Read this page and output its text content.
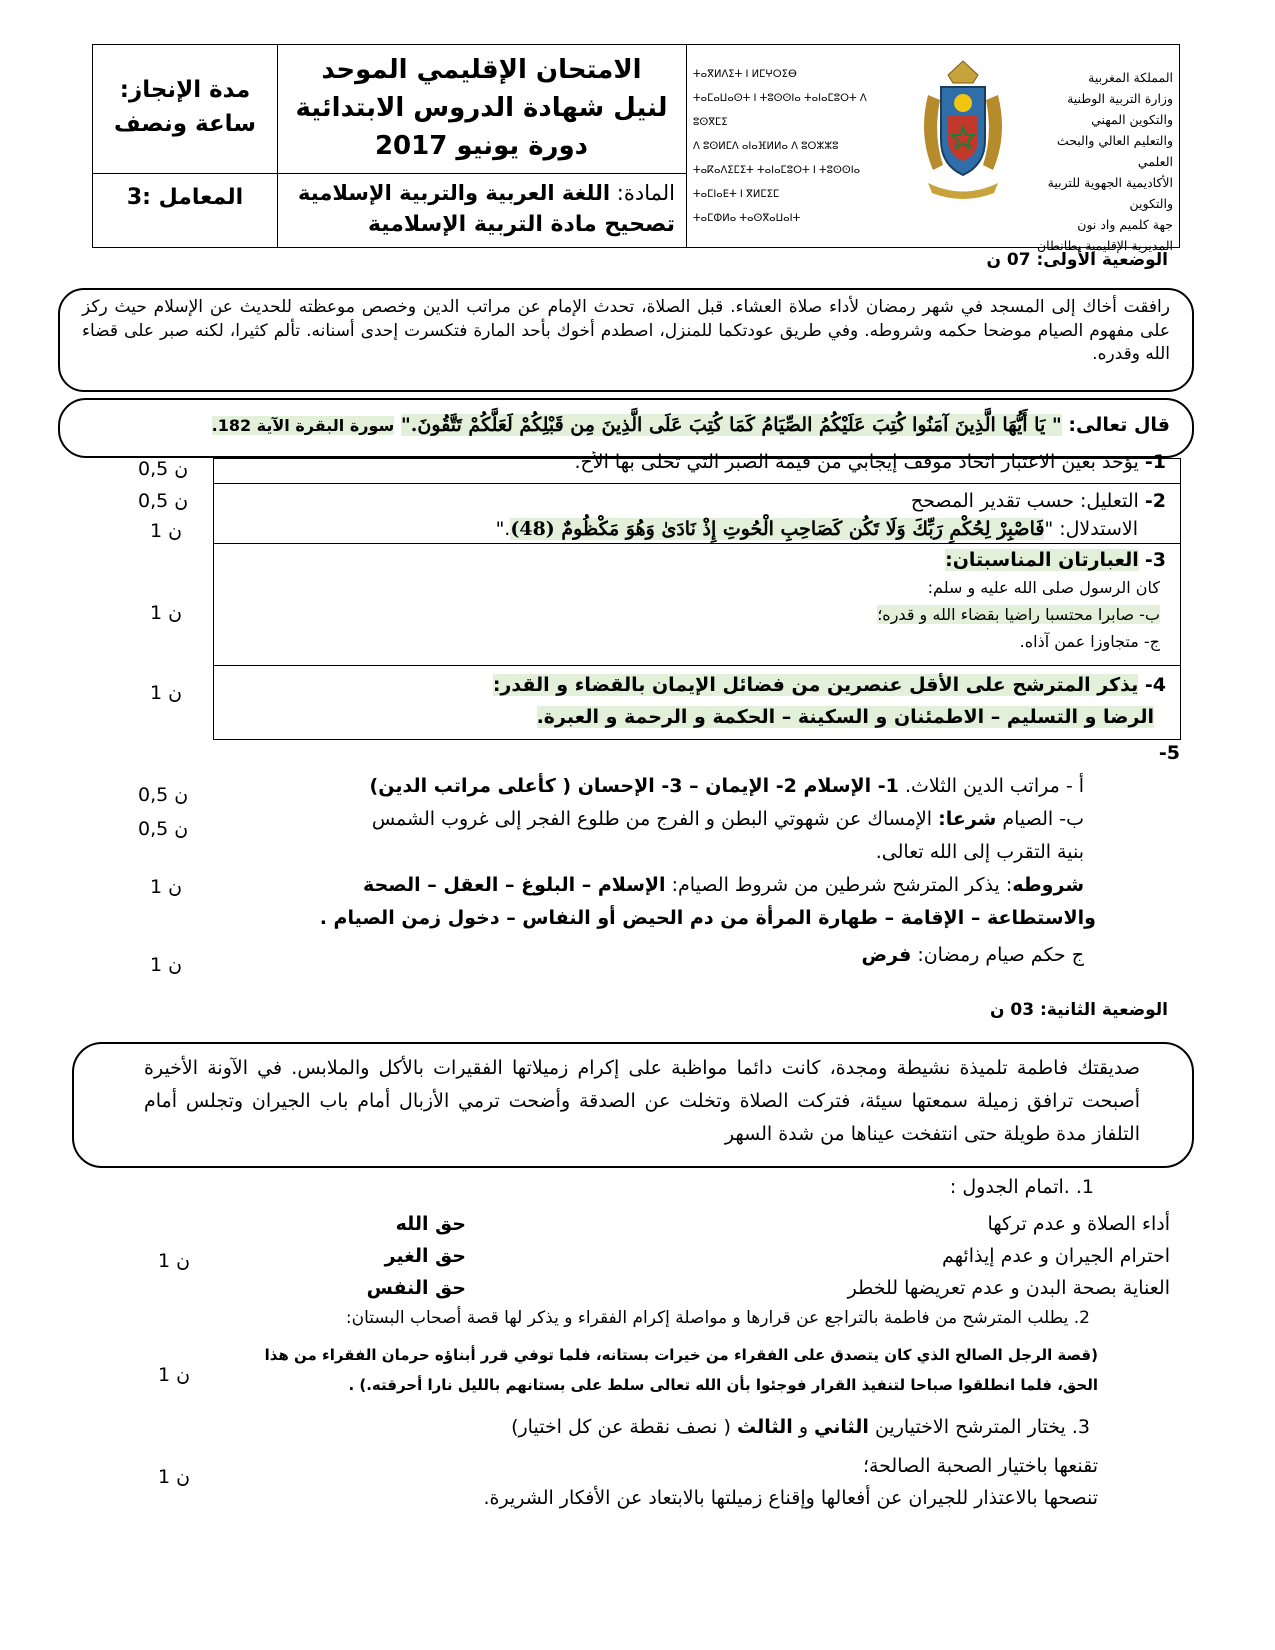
مدة الإنجاز:
ساعة ونصف
المعامل :3
الامتحان الإقليمي الموحد
لنيل شهادة الدروس الابتدائية
دورة يونيو 2017
المادة: اللغة العربية والتربية الإسلامية
تصحيح مادة التربية الإسلامية
ⵜⴰⴳⵍⴷⵉⵜ ⵏ ⵍⵎⵖⵔⵉⴱ
ⵜⴰⵎⴰⵡⴰⵙⵜ ⵏ ⵜⵓⵙⵙⵏⴰ ⵜⴰⵏⴰⵎⵓⵔⵜ ⴷ ⵓⵙⴳⵎⵉ
ⴷ ⵓⵙⵍⵎⴷ ⴰⵏⴰⴼⵍⵍⴰ ⴷ ⵓⵔⵣⵣⵓ
ⵜⴰⴽⴰⴷⵉⵎⵉⵜ ⵜⴰⵏⴰⵎⵓⵔⵜ ⵏ ⵜⵓⵙⵙⵏⴰ
ⵜⴰⵎⵏⴰⴹⵜ ⵏ ⴳⵍⵎⵉⵎ
ⵜⴰⵎⵀⵍⴰ ⵜⴰⵙⴳⴰⵡⴰⵏⵜ
المملكة المغربية
وزارة التربية الوطنية والتكوين المهني
والتعليم العالي والبحث العلمي
الأكاديمية الجهوية للتربية والتكوين
جهة كلميم واد نون
المديرية الإقليمية بطانطان
الوضعية الأولى: 07 ن

رافقت أخاك إلى المسجد في شهر رمضان لأداء صلاة العشاء. قبل الصلاة، تحدث الإمام عن مراتب الدين وخصص موعظته للحديث عن الإسلام حيث ركز على مفهوم الصيام موضحا حكمه وشروطه. وفي طريق عودتكما للمنزل، اصطدم أخوك بأحد المارة فتكسرت إحدى أسنانه. تألم كثيرا، لكنه صبر على قضاء الله وقدره.

قال تعالى: " يَا أَيُّهَا الَّذِينَ آمَنُوا كُتِبَ عَلَيْكُمُ الصِّيَامُ كَمَا كُتِبَ عَلَى الَّذِينَ مِن قَبْلِكُمْ لَعَلَّكُمْ تَتَّقُونَ." سورة البقرة الآية 182.

1- يؤخذ بعين الاعتبار اتخاذ موقف إيجابي من قيمة الصبر التي تحلى بها الأخ.
2- التعليل: حسب تقدير المصحح
الاستدلال: "فَاصْبِرْ لِحُكْمِ رَبِّكَ وَلَا تَكُن كَصَاحِبِ الْحُوتِ إِذْ نَادَىٰ وَهُوَ مَكْظُومٌ (48)."
3- العبارتان المناسبتان:
كان الرسول صلى الله عليه و سلم:
ب- صابرا محتسبا راضيا بقضاء الله و قدره؛
ج- متجاوزا عمن آذاه.
4- يذكر المترشح على الأقل عنصرين من فضائل الإيمان بالقضاء و القدر:
الرضا و التسليم – الاطمئنان و السكينة – الحكمة و الرحمة و العبرة.
5-
أ - مراتب الدين الثلاث. 1- الإسلام 2- الإيمان – 3- الإحسان ( كأعلى مراتب الدين)
ب- الصيام شرعا: الإمساك عن شهوتي البطن و الفرج من طلوع الفجر إلى غروب الشمس
بنية التقرب إلى الله تعالى.
شروطه: يذكر المترشح شرطين من شروط الصيام: الإسلام – البلوغ – العقل – الصحة
والاستطاعة – الإقامة – طهارة المرأة من دم الحيض أو النفاس – دخول زمن الصيام .
ج حكم صيام رمضان: فرض
0,5 ن
0,5 ن
1 ن
1 ن
1 ن
0,5 ن
0,5 ن
1 ن
1 ن
الوضعية الثانية: 03 ن

صديقتك فاطمة تلميذة نشيطة ومجدة، كانت دائما مواظبة على إكرام زميلاتها الفقيرات بالأكل والملابس. في الآونة الأخيرة أصبحت ترافق زميلة سمعتها سيئة، فتركت الصلاة وتخلت عن الصدقة وأضحت ترمي الأزبال أمام باب الجيران وتجلس أمام التلفاز مدة طويلة حتى انتفخت عيناها من شدة السهر

1. .اتمام الجدول :
أداء الصلاة و عدم تركها
حق الله
احترام الجيران و عدم إيذائهم
حق الغير
العناية بصحة البدن و عدم تعريضها للخطر
حق النفس
2. يطلب المترشح من فاطمة بالتراجع عن قرارها و مواصلة إكرام الفقراء و يذكر لها قصة أصحاب البستان:
(قصة الرجل الصالح الذي كان يتصدق على الفقراء من خيرات بستانه، فلما توفي قرر أبناؤه حرمان الفقراء من هذا الحق، فلما انطلقوا صباحا لتنفيذ القرار فوجئوا بأن الله تعالى سلط على بستانهم بالليل نارا أحرقته.) .
3. يختار المترشح الاختيارين الثاني و الثالث ( نصف نقطة عن كل اختيار)
تقنعها باختيار الصحبة الصالحة؛
تنصحها بالاعتذار للجيران عن أفعالها وإقناع زميلتها بالابتعاد عن الأفكار الشريرة.
1 ن
1 ن
1 ن
